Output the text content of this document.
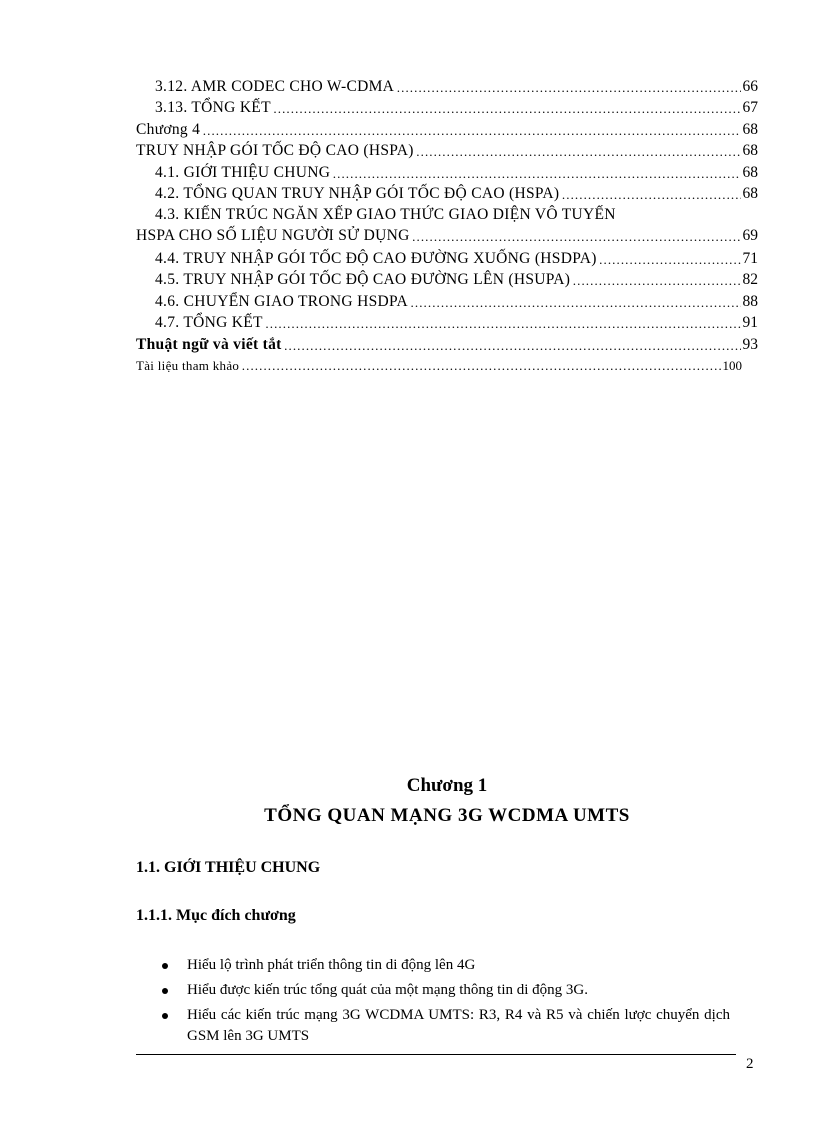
3.12. AMR CODEC CHO W-CDMA ……………………………………………………………………………………………………………………………………………………………	66
3.13. TỔNG KẾT ……………………………………………………………………………………………………………………………………………………………	67
Chương 4 ……………………………………………………………………………………………………………………………………………………………	68
TRUY NHẬP GÓI TỐC ĐỘ CAO (HSPA) ……………………………………………………………………………………………………………………………………………………………	68
4.1. GIỚI THIỆU CHUNG ……………………………………………………………………………………………………………………………………………………………	68
4.2. TỔNG QUAN TRUY NHẬP GÓI TỐC ĐỘ CAO (HSPA) ……………………………………………………………………………………………………………………………………………………………	68
4.3. KIẾN TRÚC NGĂN XẾP GIAO THỨC GIAO DIỆN VÔ TUYẾN
HSPA CHO SỐ LIỆU NGƯỜI SỬ DỤNG ……………………………………………………………………………………………………………………………………………………………	69
4.4. TRUY NHẬP GÓI TỐC ĐỘ CAO ĐƯỜNG XUỐNG (HSDPA) ……………………………………………………………………………………………………………………………………………………………	71
4.5. TRUY NHẬP GÓI TỐC ĐỘ CAO ĐƯỜNG LÊN (HSUPA) ……………………………………………………………………………………………………………………………………………………………	82
4.6. CHUYỂN GIAO TRONG HSDPA ……………………………………………………………………………………………………………………………………………………………	88
4.7. TỔNG KẾT ……………………………………………………………………………………………………………………………………………………………	91
Thuật ngữ và viết tắt ……………………………………………………………………………………………………………………………………………………………	93
Tài liệu tham khảo ……………………………………………………………………………………………………………………………………………………………	100
Chương 1
TỔNG QUAN MẠNG 3G WCDMA UMTS
1.1. GIỚI THIỆU CHUNG
1.1.1. Mục đích chương
Hiểu lộ trình phát triển thông tin di động lên 4G
Hiểu được kiến trúc tổng quát của một mạng thông tin di động 3G.
Hiểu các kiến trúc mạng 3G WCDMA UMTS: R3, R4 và R5 và chiến lược chuyển dịch GSM lên 3G UMTS
2
